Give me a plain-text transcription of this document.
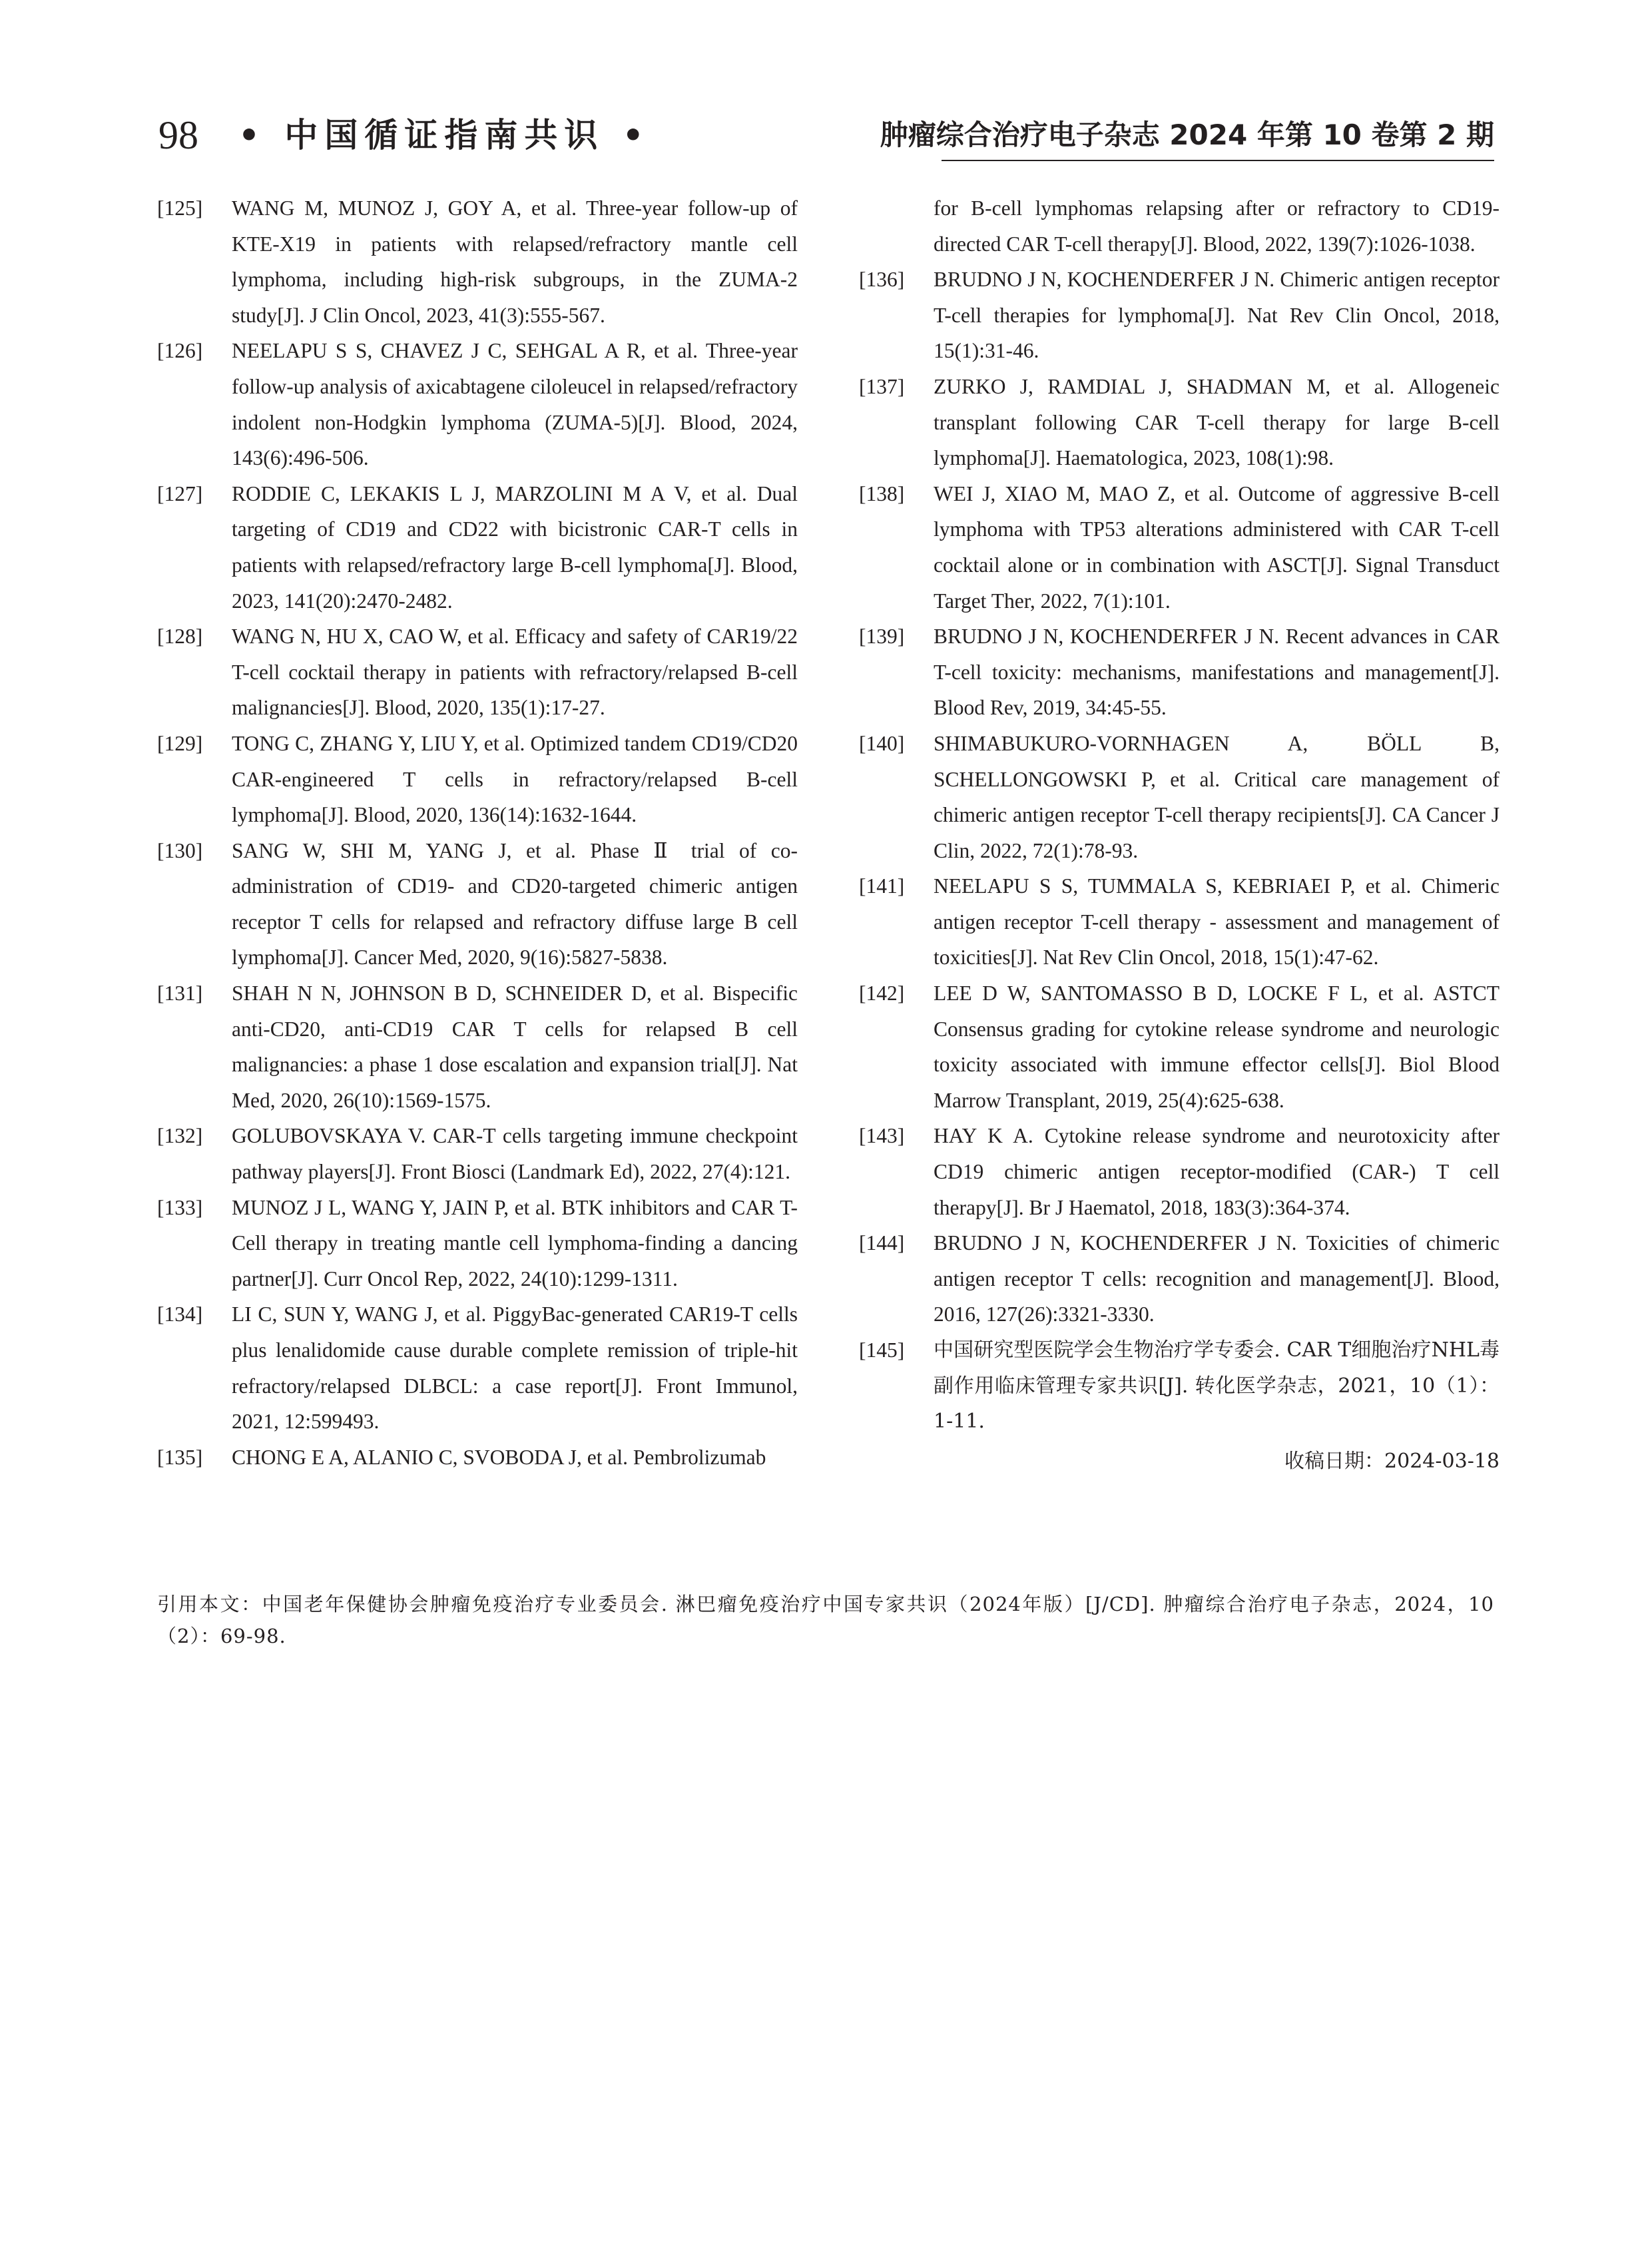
98 • 中国循证指南共识 •	肿瘤综合治疗电子杂志 2024 年第 10 卷第 2 期
[125]	WANG M, MUNOZ J, GOY A, et al. Three-year follow-up of KTE-X19 in patients with relapsed/refractory mantle cell lymphoma, including high-risk subgroups, in the ZUMA-2 study[J]. J Clin Oncol, 2023, 41(3):555-567.
[126]	NEELAPU S S, CHAVEZ J C, SEHGAL A R, et al. Three-year follow-up analysis of axicabtagene ciloleucel in relapsed/refractory indolent non-Hodgkin lymphoma (ZUMA-5)[J]. Blood, 2024, 143(6):496-506.
[127]	RODDIE C, LEKAKIS L J, MARZOLINI M A V, et al. Dual targeting of CD19 and CD22 with bicistronic CAR-T cells in patients with relapsed/refractory large B-cell lymphoma[J]. Blood, 2023, 141(20):2470-2482.
[128]	WANG N, HU X, CAO W, et al. Efficacy and safety of CAR19/22 T-cell cocktail therapy in patients with refractory/relapsed B-cell malignancies[J]. Blood, 2020, 135(1):17-27.
[129]	TONG C, ZHANG Y, LIU Y, et al. Optimized tandem CD19/CD20 CAR-engineered T cells in refractory/relapsed B-cell lymphoma[J]. Blood, 2020, 136(14):1632-1644.
[130]	SANG W, SHI M, YANG J, et al. Phase Ⅱ trial of co-administration of CD19- and CD20-targeted chimeric antigen receptor T cells for relapsed and refractory diffuse large B cell lymphoma[J]. Cancer Med, 2020, 9(16):5827-5838.
[131]	SHAH N N, JOHNSON B D, SCHNEIDER D, et al. Bispecific anti-CD20, anti-CD19 CAR T cells for relapsed B cell malignancies: a phase 1 dose escalation and expansion trial[J]. Nat Med, 2020, 26(10):1569-1575.
[132]	GOLUBOVSKAYA V. CAR-T cells targeting immune checkpoint pathway players[J]. Front Biosci (Landmark Ed), 2022, 27(4):121.
[133]	MUNOZ J L, WANG Y, JAIN P, et al. BTK inhibitors and CAR T-Cell therapy in treating mantle cell lymphoma-finding a dancing partner[J]. Curr Oncol Rep, 2022, 24(10):1299-1311.
[134]	LI C, SUN Y, WANG J, et al. PiggyBac-generated CAR19-T cells plus lenalidomide cause durable complete remission of triple-hit refractory/relapsed DLBCL: a case report[J]. Front Immunol, 2021, 12:599493.
[135]	CHONG E A, ALANIO C, SVOBODA J, et al. Pembrolizumab
for B-cell lymphomas relapsing after or refractory to CD19-directed CAR T-cell therapy[J]. Blood, 2022, 139(7):1026-1038.
[136]	BRUDNO J N, KOCHENDERFER J N. Chimeric antigen receptor T-cell therapies for lymphoma[J]. Nat Rev Clin Oncol, 2018, 15(1):31-46.
[137]	ZURKO J, RAMDIAL J, SHADMAN M, et al. Allogeneic transplant following CAR T-cell therapy for large B-cell lymphoma[J]. Haematologica, 2023, 108(1):98.
[138]	WEI J, XIAO M, MAO Z, et al. Outcome of aggressive B-cell lymphoma with TP53 alterations administered with CAR T-cell cocktail alone or in combination with ASCT[J]. Signal Transduct Target Ther, 2022, 7(1):101.
[139]	BRUDNO J N, KOCHENDERFER J N. Recent advances in CAR T-cell toxicity: mechanisms, manifestations and management[J]. Blood Rev, 2019, 34:45-55.
[140]	SHIMABUKURO-VORNHAGEN A, BÖLL B, SCHELLONGOWSKI P, et al. Critical care management of chimeric antigen receptor T-cell therapy recipients[J]. CA Cancer J Clin, 2022, 72(1):78-93.
[141]	NEELAPU S S, TUMMALA S, KEBRIAEI P, et al. Chimeric antigen receptor T-cell therapy - assessment and management of toxicities[J]. Nat Rev Clin Oncol, 2018, 15(1):47-62.
[142]	LEE D W, SANTOMASSO B D, LOCKE F L, et al. ASTCT Consensus grading for cytokine release syndrome and neurologic toxicity associated with immune effector cells[J]. Biol Blood Marrow Transplant, 2019, 25(4):625-638.
[143]	HAY K A. Cytokine release syndrome and neurotoxicity after CD19 chimeric antigen receptor-modified (CAR-) T cell therapy[J]. Br J Haematol, 2018, 183(3):364-374.
[144]	BRUDNO J N, KOCHENDERFER J N. Toxicities of chimeric antigen receptor T cells: recognition and management[J]. Blood, 2016, 127(26):3321-3330.
[145]	中国研究型医院学会生物治疗学专委会. CAR T细胞治疗NHL毒副作用临床管理专家共识[J]. 转化医学杂志，2021，10（1）：1-11.
收稿日期：2024-03-18
引用本文：中国老年保健协会肿瘤免疫治疗专业委员会. 淋巴瘤免疫治疗中国专家共识（2024年版）[J/CD]. 肿瘤综合治疗电子杂志，2024，10（2）：69-98.
